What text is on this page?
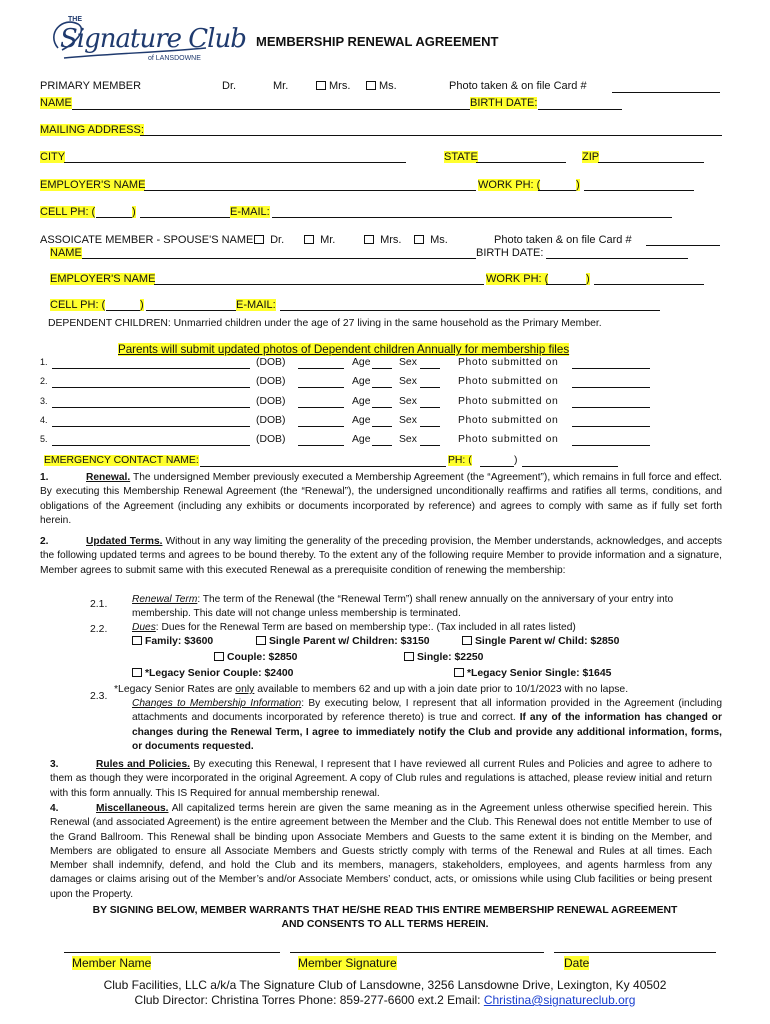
THE
Signature Club
of LANSDOWNE
MEMBERSHIP RENEWAL AGREEMENT
PRIMARY MEMBER	Dr.	Mr.	Mrs.	Ms.	Photo taken & on file Card #
NAME	BIRTH DATE:
MAILING ADDRESS:
CITY	STATE	ZIP
EMPLOYER'S NAME	WORK PH: (	)
CELL PH: (	)	E-MAIL:
ASSOICATE MEMBER - SPOUSE'S NAME	Dr.	Mr.	Mrs.	Ms.	Photo taken & on file Card #
NAME	BIRTH DATE:
EMPLOYER'S NAME	WORK PH: (	)
CELL PH: (	)	E-MAIL:
DEPENDENT CHILDREN: Unmarried children under the age of 27 living in the same household as the Primary Member.
Parents will submit updated photos of Dependent children Annually for membership files
1.	(DOB)	Age	Sex	Photo submitted on
2.	(DOB)	Age	Sex	Photo submitted on
3.	(DOB)	Age	Sex	Photo submitted on
4.	(DOB)	Age	Sex	Photo submitted on
5.	(DOB)	Age	Sex	Photo submitted on
EMERGENCY CONTACT NAME:	PH: (	)
1.	Renewal. The undersigned Member previously executed a Membership Agreement (the “Agreement”), which remains in full force and effect. By executing this Membership Renewal Agreement (the “Renewal”), the undersigned unconditionally reaffirms and ratifies all terms, conditions, and obligations of the Agreement (including any exhibits or documents incorporated by reference) and agrees to comply with same as if fully set forth herein.
2.	Updated Terms. Without in any way limiting the generality of the preceding provision, the Member understands, acknowledges, and accepts the following updated terms and agrees to be bound thereby. To the extent any of the following require Member to provide information and a signature, Member agrees to submit same with this executed Renewal as a prerequisite condition of renewing the membership:
2.1. Renewal Term: The term of the Renewal (the “Renewal Term”) shall renew annually on the anniversary of your entry into membership. This date will not change unless membership is terminated.
2.2. Dues: Dues for the Renewal Term are based on membership type:. (Tax included in all rates listed)
Family: $3600	Single Parent w/ Children: $3150	Single Parent w/ Child: $2850
Couple: $2850	Single: $2250
*Legacy Senior Couple: $2400	*Legacy Senior Single: $1645
*Legacy Senior Rates are only available to members 62 and up with a join date prior to 10/1/2023 with no lapse.
2.3.
Changes to Membership Information: By executing below, I represent that all information provided in the Agreement (including attachments and documents incorporated by reference thereto) is true and correct. If any of the information has changed or changes during the Renewal Term, I agree to immediately notify the Club and provide any additional information, forms, or documents requested.
3.	Rules and Policies. By executing this Renewal, I represent that I have reviewed all current Rules and Policies and agree to adhere to them as though they were incorporated in the original Agreement. A copy of Club rules and regulations is attached, please review initial and return with this form annually. This IS Required for annual membership renewal.
4.	Miscellaneous. All capitalized terms herein are given the same meaning as in the Agreement unless otherwise specified herein. This Renewal (and associated Agreement) is the entire agreement between the Member and the Club. This Renewal does not entitle Member to use of the Grand Ballroom. This Renewal shall be binding upon Associate Members and Guests to the same extent it is binding on the Member, and Members are obligated to ensure all Associate Members and Guests strictly comply with terms of the Renewal and Rules at all times. Each Member shall indemnify, defend, and hold the Club and its members, managers, stakeholders, employees, and agents harmless from any damages or claims arising out of the Member’s and/or Associate Members’ conduct, acts, or omissions while using Club facilities or being present upon the Property.
BY SIGNING BELOW, MEMBER WARRANTS THAT HE/SHE READ THIS ENTIRE MEMBERSHIP RENEWAL AGREEMENT
AND CONSENTS TO ALL TERMS HEREIN.
Member Name	Member Signature	Date
Club Facilities, LLC a/k/a The Signature Club of Lansdowne, 3256 Lansdowne Drive, Lexington, Ky 40502
Club Director: Christina Torres Phone: 859-277-6600 ext.2 Email: Christina@signatureclub.org
